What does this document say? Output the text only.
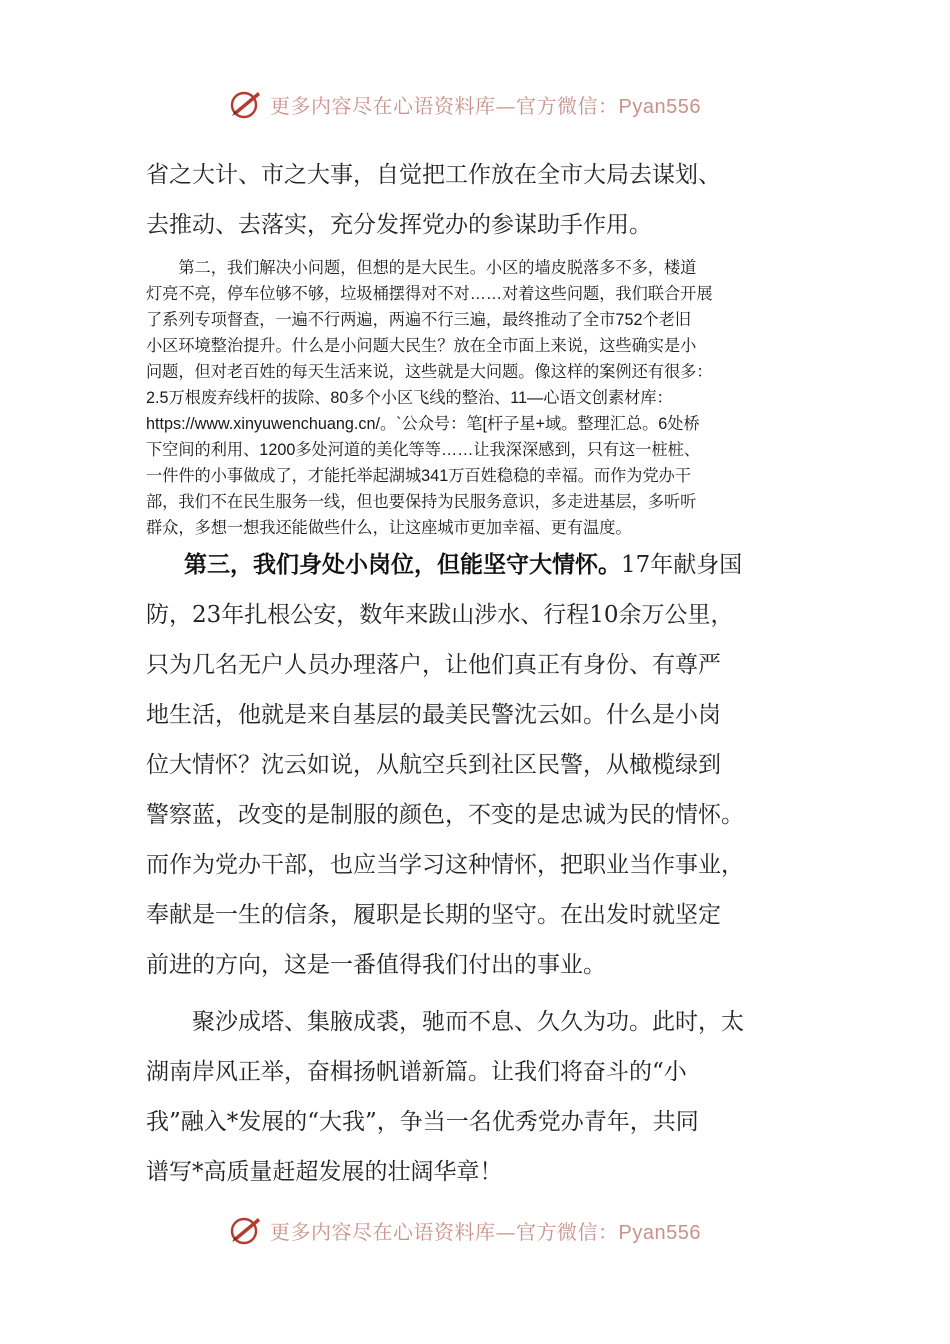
更多内容尽在心语资料库—官方微信：Pyan556
省之大计、市之大事，自觉把工作放在全市大局去谋划、
去推动、去落实，充分发挥党办的参谋助手作用。
　　第二，我们解决小问题，但想的是大民生。小区的墙皮脱落多不多，楼道
灯亮不亮，停车位够不够，垃圾桶摆得对不对……对着这些问题，我们联合开展
了系列专项督查，一遍不行两遍，两遍不行三遍，最终推动了全市752个老旧
小区环境整治提升。什么是小问题大民生？放在全市面上来说，这些确实是小
问题，但对老百姓的每天生活来说，这些就是大问题。像这样的案例还有很多：
2.5万根废弃线杆的拔除、80多个小区飞线的整治、11—心语文创素材库：
https://www.xinyuwenchuang.cn/。`公众号：笔[杆子星+域。整理汇总。6处桥
下空间的利用、1200多处河道的美化等等……让我深深感到，只有这一桩桩、
一件件的小事做成了，才能托举起湖城341万百姓稳稳的幸福。而作为党办干
部，我们不在民生服务一线，但也要保持为民服务意识，多走进基层，多听听
群众，多想一想我还能做些什么，让这座城市更加幸福、更有温度。
第三，我们身处小岗位，但能坚守大情怀。17年献身国
防，23年扎根公安，数年来跋山涉水、行程10余万公里，
只为几名无户人员办理落户，让他们真正有身份、有尊严
地生活，他就是来自基层的最美民警沈云如。什么是小岗
位大情怀？沈云如说，从航空兵到社区民警，从橄榄绿到
警察蓝，改变的是制服的颜色，不变的是忠诚为民的情怀。
而作为党办干部，也应当学习这种情怀，把职业当作事业，
奉献是一生的信条，履职是长期的坚守。在出发时就坚定
前进的方向，这是一番值得我们付出的事业。
　　聚沙成塔、集腋成裘，驰而不息、久久为功。此时，太
湖南岸风正举，奋楫扬帆谱新篇。让我们将奋斗的“小
我”融入*发展的“大我”，争当一名优秀党办青年，共同
谱写*高质量赶超发展的壮阔华章！
更多内容尽在心语资料库—官方微信：Pyan556
